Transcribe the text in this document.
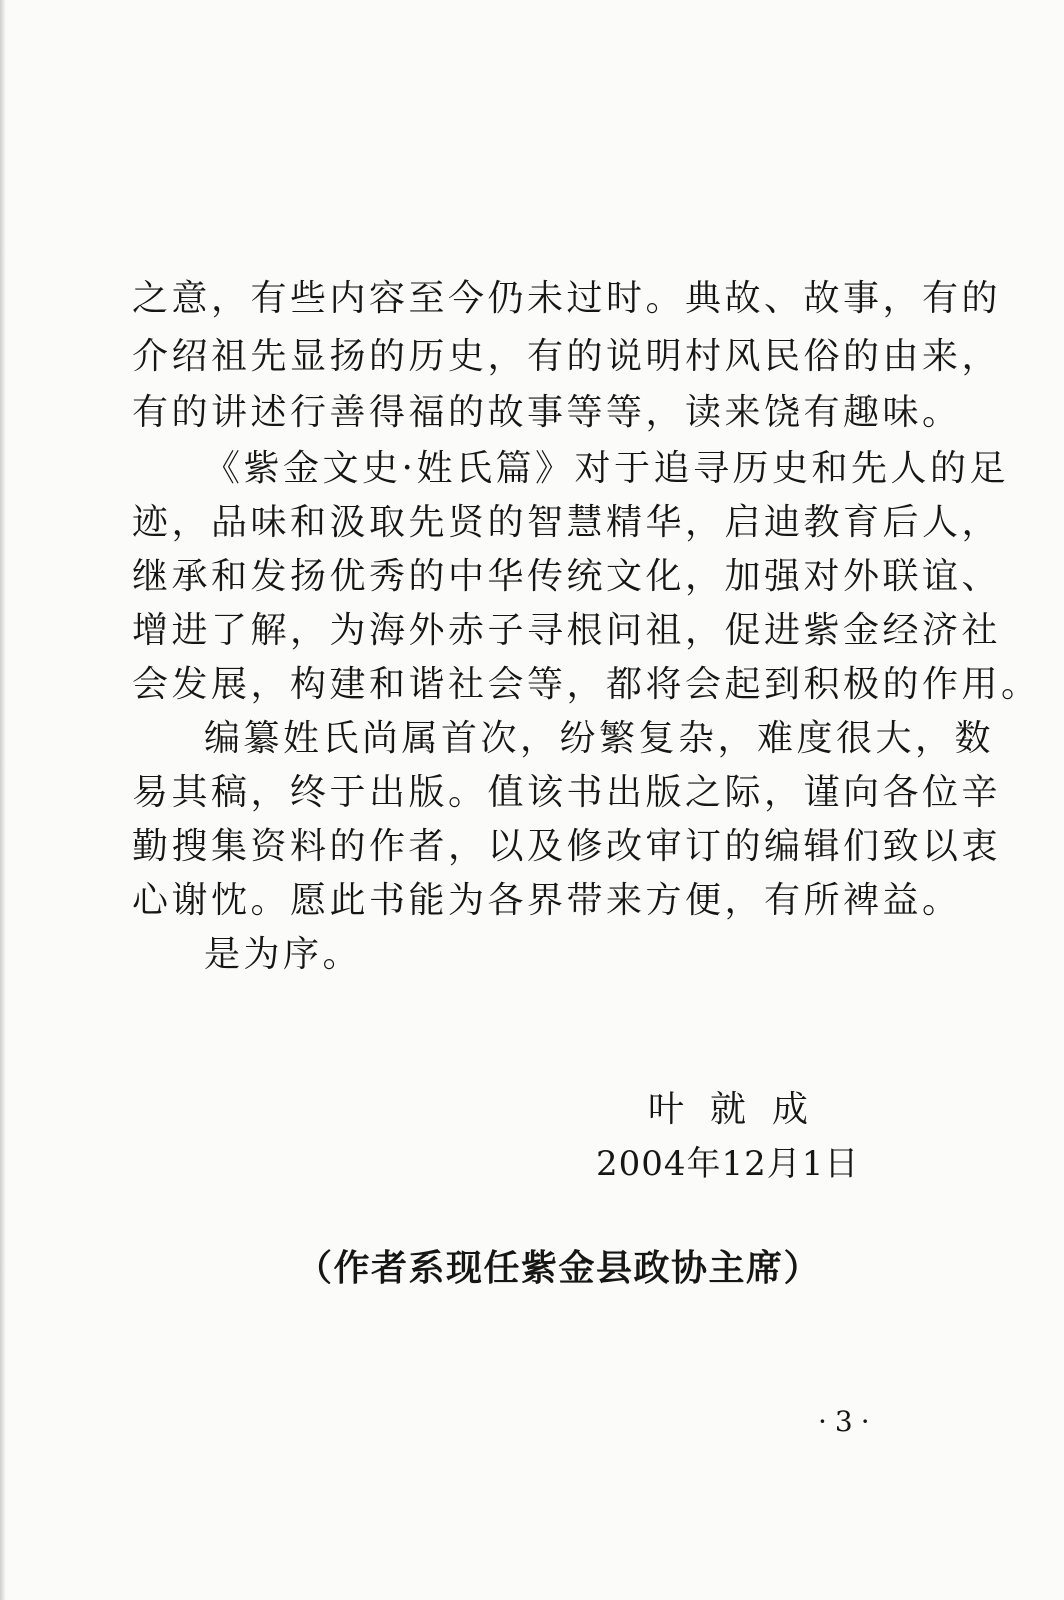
之意，有些内容至今仍未过时。典故、故事，有的
介绍祖先显扬的历史，有的说明村风民俗的由来，
有的讲述行善得福的故事等等，读来饶有趣味。
《紫金文史·姓氏篇》对于追寻历史和先人的足
迹，品味和汲取先贤的智慧精华，启迪教育后人，
继承和发扬优秀的中华传统文化，加强对外联谊、
增进了解，为海外赤子寻根问祖，促进紫金经济社
会发展，构建和谐社会等，都将会起到积极的作用。
编纂姓氏尚属首次，纷繁复杂，难度很大，数
易其稿，终于出版。值该书出版之际，谨向各位辛
勤搜集资料的作者，以及修改审订的编辑们致以衷
心谢忱。愿此书能为各界带来方便，有所裨益。
是为序。
叶就成
2004年12月1日
（作者系现任紫金县政协主席）
·3·
